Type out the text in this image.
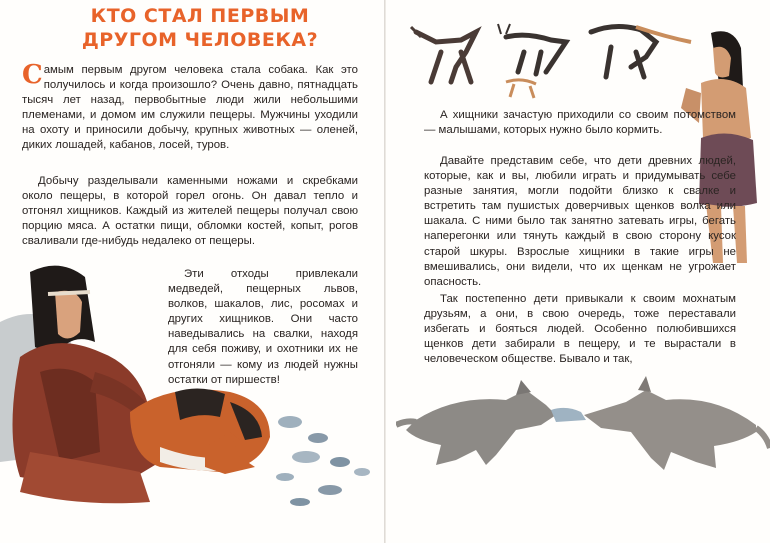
КТО СТАЛ ПЕРВЫМ
ДРУГОМ ЧЕЛОВЕКА?

Самым первым другом человека стала собака. Как это получилось и когда произошло? Очень давно, пятнадцать тысяч лет назад, первобытные люди жили небольшими племенами, и домом им служили пещеры. Мужчины уходили на охоту и приносили добычу, крупных животных — оленей, диких лошадей, кабанов, лосей, туров.

Добычу разделывали каменными ножами и скребками около пещеры, в которой горел огонь. Он давал тепло и отгонял хищников. Каждый из жителей пещеры получал свою порцию мяса. А остатки пищи, обломки костей, копыт, рогов сваливали где-нибудь недалеко от пещеры.

Эти отходы привлекали медведей, пещерных львов, волков, шакалов, лис, росомах и других хищников. Они часто наведывались на свалки, находя для себя поживу, и охотники их не отгоняли — кому из людей нужны остатки от пиршеств!

А хищники зачастую приходили со своим потомством — малышами, которых нужно было кормить.

Давайте представим себе, что дети древних людей, которые, как и вы, любили играть и придумывать себе разные занятия, могли подойти близко к свалке и встретить там пушистых доверчивых щенков волка или шакала. С ними было так занятно затевать игры, бегать наперегонки или тянуть каждый в свою сторону кусок старой шкуры. Взрослые хищники в такие игры не вмешивались, они видели, что их щенкам не угрожает опасность.

Так постепенно дети привыкали к своим мохнатым друзьям, а они, в свою очередь, тоже переставали избегать и бояться людей. Особенно полюбившихся щенков дети забирали в пещеру, и те вырастали в человеческом обществе. Бывало и так,
